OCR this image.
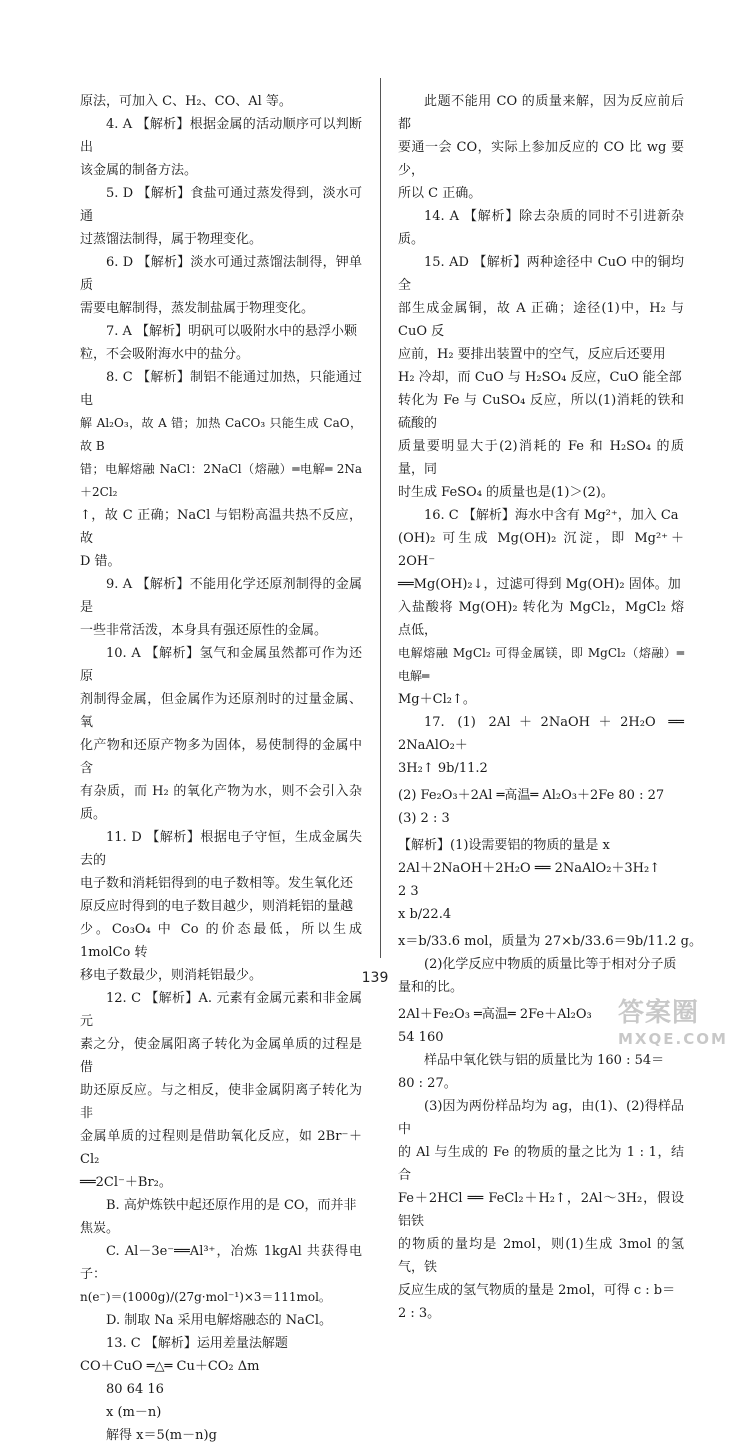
原法，可加入 C、H₂、CO、Al 等。

4. A 【解析】根据金属的活动顺序可以判断出

该金属的制备方法。

5. D 【解析】食盐可通过蒸发得到，淡水可通

过蒸馏法制得，属于物理变化。

6. D 【解析】淡水可通过蒸馏法制得，钾单质

需要电解制得，蒸发制盐属于物理变化。

7. A 【解析】明矾可以吸附水中的悬浮小颗

粒，不会吸附海水中的盐分。

8. C 【解析】制铝不能通过加热，只能通过电

解 Al₂O₃，故 A 错；加热 CaCO₃ 只能生成 CaO，故 B

错；电解熔融 NaCl：2NaCl（熔融）═电解═ 2Na＋2Cl₂

↑，故 C 正确；NaCl 与铝粉高温共热不反应，故

D 错。

9. A 【解析】不能用化学还原剂制得的金属是

一些非常活泼，本身具有强还原性的金属。

10. A 【解析】氢气和金属虽然都可作为还原

剂制得金属，但金属作为还原剂时的过量金属、氧

化产物和还原产物多为固体，易使制得的金属中含

有杂质，而 H₂ 的氧化产物为水，则不会引入杂质。

11. D 【解析】根据电子守恒，生成金属失去的

电子数和消耗铝得到的电子数相等。发生氧化还

原反应时得到的电子数目越少，则消耗铝的量越

少。Co₃O₄ 中 Co 的价态最低，所以生成 1molCo 转

移电子数最少，则消耗铝最少。

12. C 【解析】A. 元素有金属元素和非金属元

素之分，使金属阳离子转化为金属单质的过程是借

助还原反应。与之相反，使非金属阴离子转化为非

金属单质的过程则是借助氧化反应，如 2Br⁻＋Cl₂

══2Cl⁻＋Br₂。

B. 高炉炼铁中起还原作用的是 CO，而并非

焦炭。

C. Al－3e⁻══Al³⁺，冶炼 1kgAl 共获得电子：

n(e⁻)＝(1000g)/(27g·mol⁻¹)×3＝111mol。

D. 制取 Na 采用电解熔融态的 NaCl。

13. C 【解析】运用差量法解题

CO＋CuO ═△═ Cu＋CO₂ Δm

80 64 16

x (m－n)

解得 x＝5(m－n)g

此题不能用 CO 的质量来解，因为反应前后都

要通一会 CO，实际上参加反应的 CO 比 wg 要少，

所以 C 正确。

14. A 【解析】除去杂质的同时不引进新杂质。

15. AD 【解析】两种途径中 CuO 中的铜均全

部生成金属铜，故 A 正确；途径(1)中，H₂ 与 CuO 反

应前，H₂ 要排出装置中的空气，反应后还要用

H₂ 冷却，而 CuO 与 H₂SO₄ 反应，CuO 能全部

转化为 Fe 与 CuSO₄ 反应，所以(1)消耗的铁和硫酸的

质量要明显大于(2)消耗的 Fe 和 H₂SO₄ 的质量，同

时生成 FeSO₄ 的质量也是(1)＞(2)。

16. C 【解析】海水中含有 Mg²⁺，加入 Ca

(OH)₂ 可生成 Mg(OH)₂ 沉淀，即 Mg²⁺＋2OH⁻

══Mg(OH)₂↓，过滤可得到 Mg(OH)₂ 固体。加

入盐酸将 Mg(OH)₂ 转化为 MgCl₂，MgCl₂ 熔点低，

电解熔融 MgCl₂ 可得金属镁，即 MgCl₂（熔融）═电解═

Mg＋Cl₂↑。

17. (1) 2Al＋2NaOH＋2H₂O ══ 2NaAlO₂＋

3H₂↑ 9b/11.2

(2) Fe₂O₃＋2Al ═高温═ Al₂O₃＋2Fe 80 : 27

(3) 2 : 3

【解析】(1)设需要铝的物质的量是 x

2Al＋2NaOH＋2H₂O ══ 2NaAlO₂＋3H₂↑

2 3

x b/22.4

x＝b/33.6 mol，质量为 27×b/33.6＝9b/11.2 g。

(2)化学反应中物质的质量比等于相对分子质

量和的比。

2Al＋Fe₂O₃ ═高温═ 2Fe＋Al₂O₃

54 160

样品中氧化铁与铝的质量比为 160 : 54＝

80 : 27。

(3)因为两份样品均为 ag，由(1)、(2)得样品中

的 Al 与生成的 Fe 的物质的量之比为 1 : 1，结合

Fe＋2HCl ══ FeCl₂＋H₂↑，2Al～3H₂，假设铝铁

的物质的量均是 2mol，则(1)生成 3mol 的氢气，铁

反应生成的氢气物质的量是 2mol，可得 c : b＝

2 : 3。

139
答案圈
MXQE.COM
